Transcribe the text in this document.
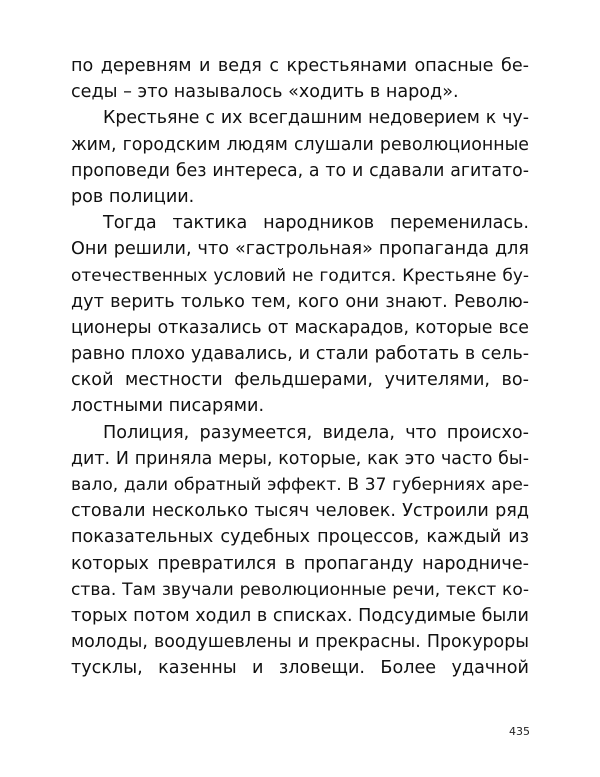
по деревням и ведя с крестьянами опасные бе-
седы – это называлось «ходить в народ».
Крестьяне с их всегдашним недоверием к чу-
жим, городским людям слушали революционные
проповеди без интереса, а то и сдавали агитато-
ров полиции.
Тогда тактика народников переменилась.
Они решили, что «гастрольная» пропаганда для
отечественных условий не годится. Крестьяне бу-
дут верить только тем, кого они знают. Револю-
ционеры отказались от маскарадов, которые все
равно плохо удавались, и стали работать в сель-
ской местности фельдшерами, учителями, во-
лостными писарями.
Полиция, разумеется, видела, что происхо-
дит. И приняла меры, которые, как это часто бы-
вало, дали обратный эффект. В 37 губерниях аре-
стовали несколько тысяч человек. Устроили ряд
показательных судебных процессов, каждый из
которых превратился в пропаганду народниче-
ства. Там звучали революционные речи, текст ко-
торых потом ходил в списках. Подсудимые были
молоды, воодушевлены и прекрасны. Прокуроры
тусклы, казенны и зловещи. Более удачной
435
